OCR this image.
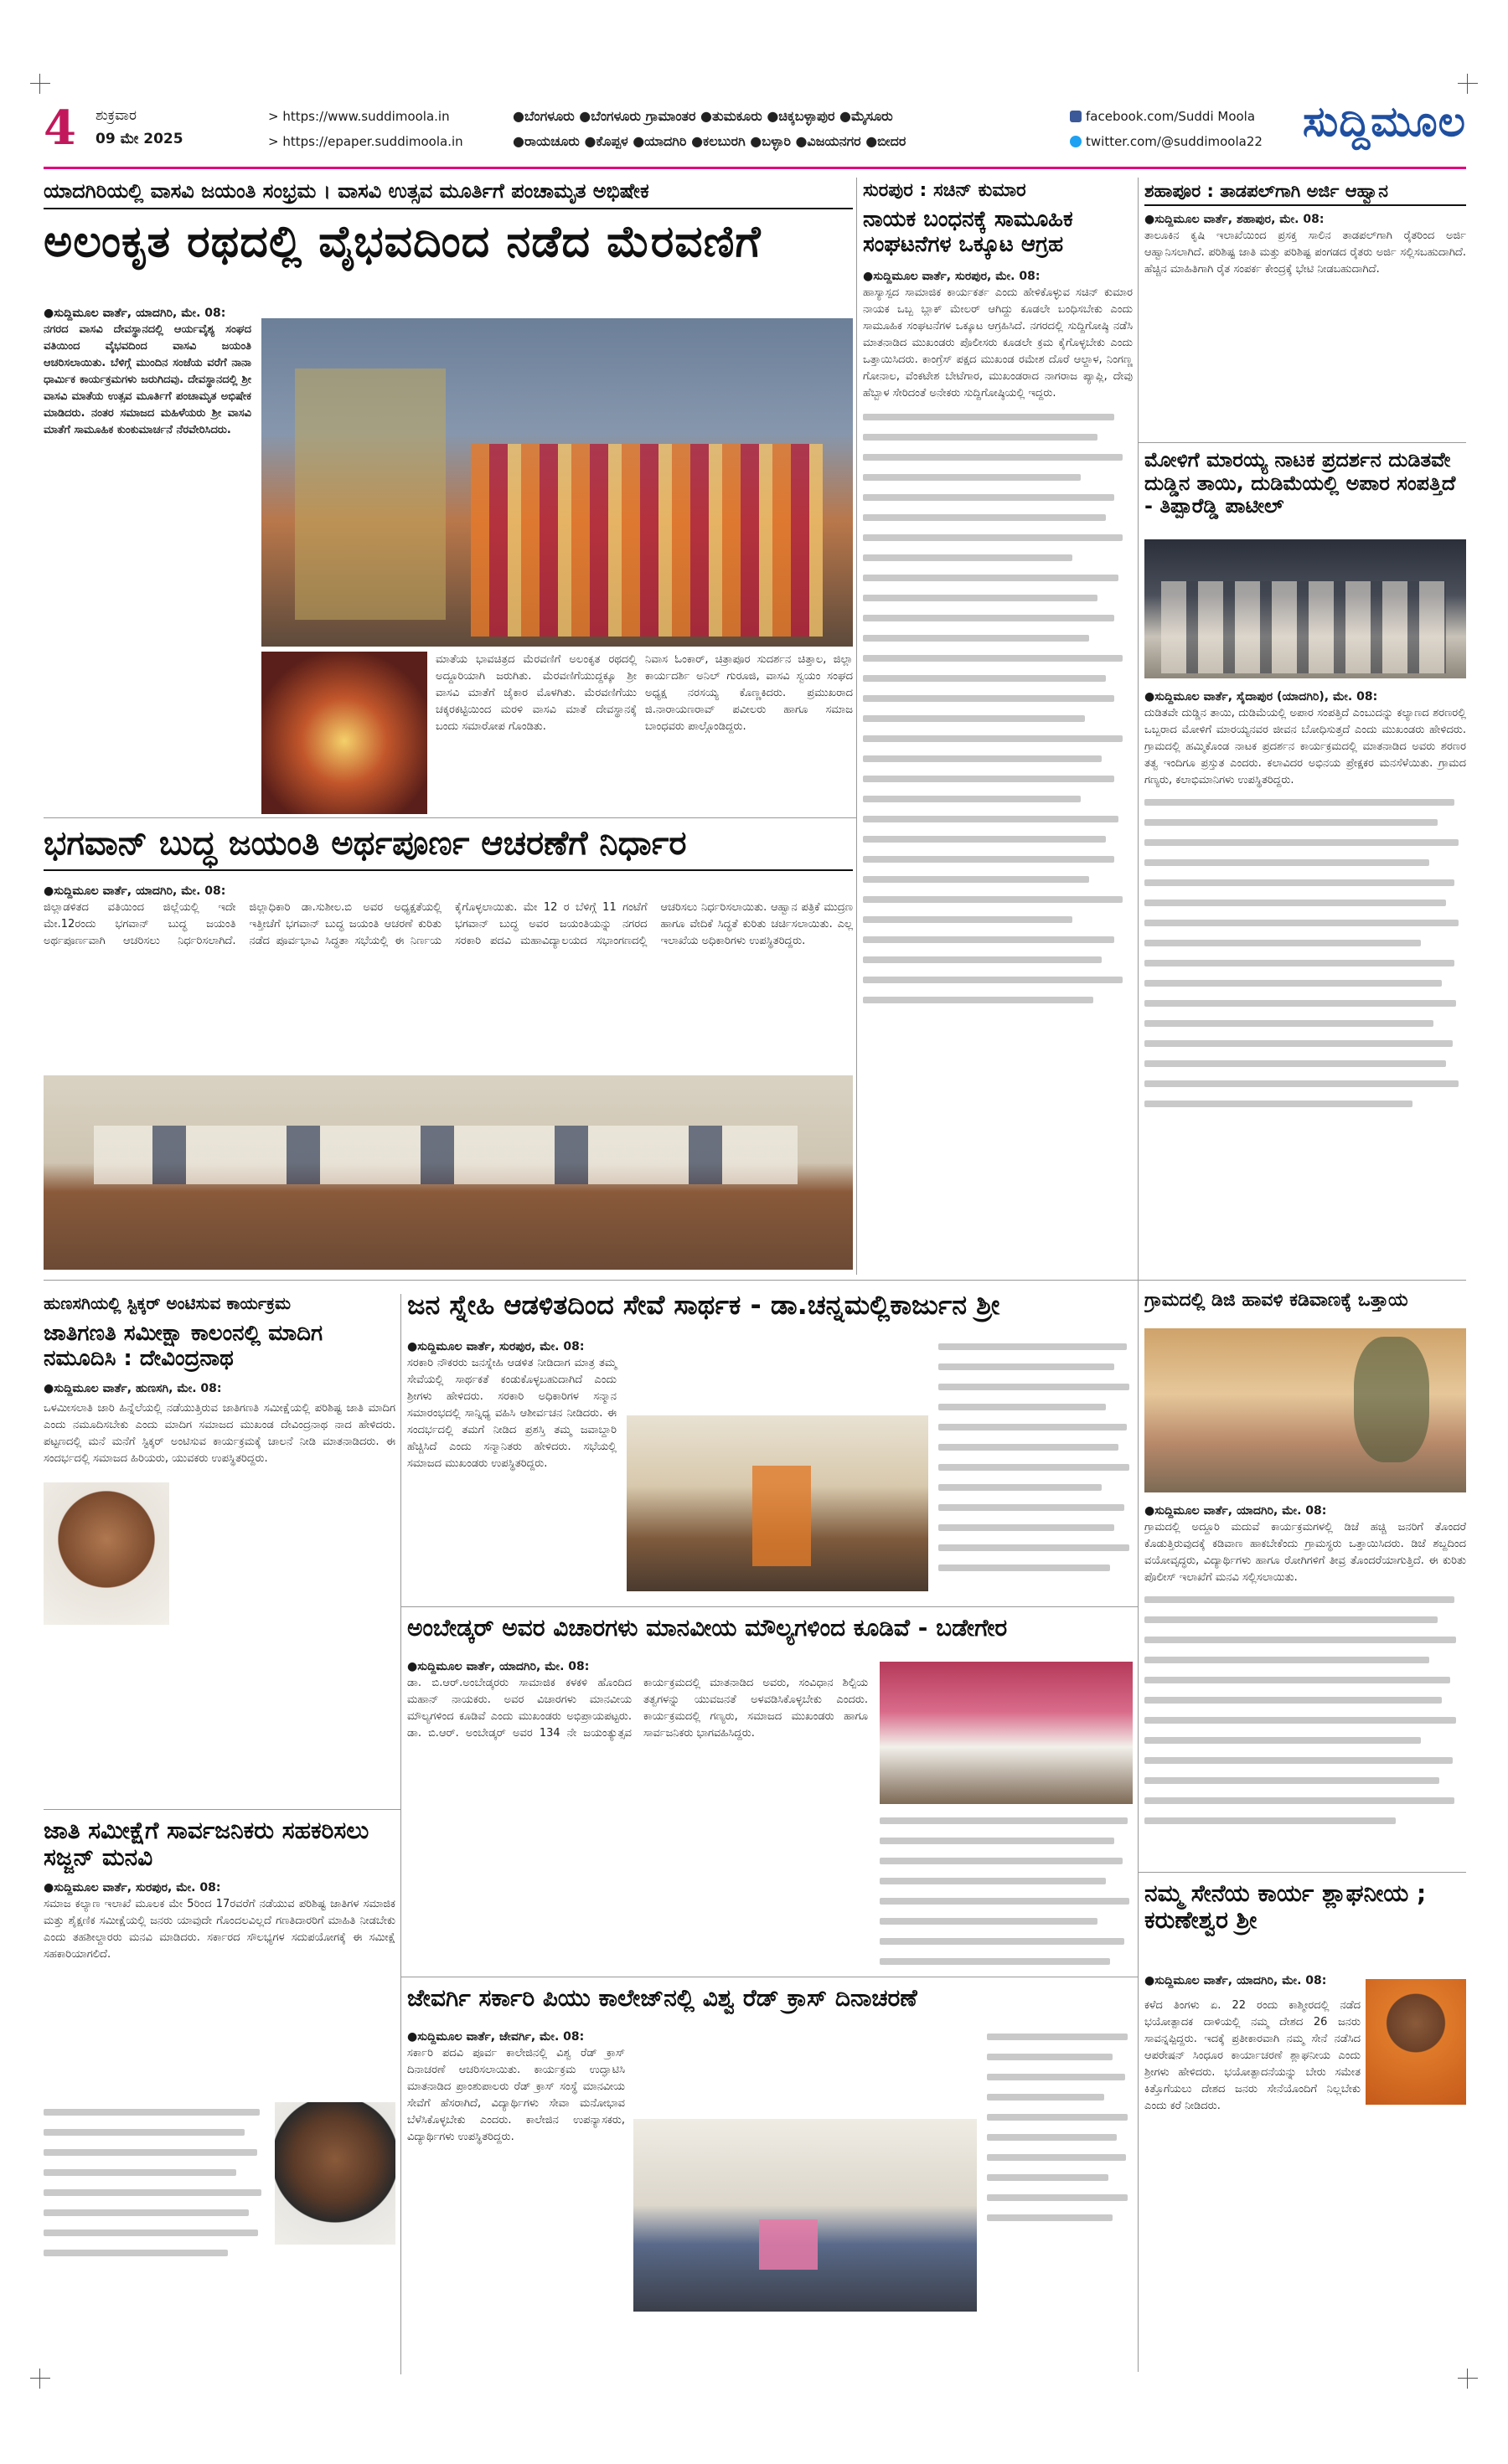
4 ಶುಕ್ರವಾರ
09 ಮೇ 2025
> https://www.suddimoola.in
> https://epaper.suddimoola.in
●ಬೆಂಗಳೂರು ●ಬೆಂಗಳೂರು ಗ್ರಾಮಾಂತರ ●ತುಮಕೂರು ●ಚಿಕ್ಕಬಳ್ಳಾಪುರ ●ಮೈಸೂರು
●ರಾಯಚೂರು ●ಕೊಪ್ಪಳ ●ಯಾದಗಿರಿ ●ಕಲಬುರಗಿ ●ಬಳ್ಳಾರಿ ●ವಿಜಯನಗರ ●ಬೀದರ
facebook.com/Suddi Moola
twitter.com/@suddimoola22 ಸುದ್ದಿಮೂಲ
ಯಾದಗಿರಿಯಲ್ಲಿ ವಾಸವಿ ಜಯಂತಿ ಸಂಭ್ರಮ । ವಾಸವಿ ಉತ್ಸವ ಮೂರ್ತಿಗೆ ಪಂಚಾಮೃತ ಅಭಿಷೇಕ
ಅಲಂಕೃತ ರಥದಲ್ಲಿ ವೈಭವದಿಂದ ನಡೆದ ಮೆರವಣಿಗೆ
●ಸುದ್ದಿಮೂಲ ವಾರ್ತೆ, ಯಾದಗಿರಿ, ಮೇ. 08:
ನಗರದ ವಾಸವಿ ದೇವಸ್ಥಾನದಲ್ಲಿ ಆರ್ಯವೈಶ್ಯ ಸಂಘದ ವತಿಯಿಂದ ವೈಭವದಿಂದ ವಾಸವಿ ಜಯಂತಿ ಆಚರಿಸಲಾಯಿತು. ಬೆಳಿಗ್ಗೆ ಮುಂದಿನ ಸಂಜೆಯ ವರೆಗೆ ನಾನಾ ಧಾರ್ಮಿಕ ಕಾರ್ಯಕ್ರಮಗಳು ಜರುಗಿದವು. ದೇವಸ್ಥಾನದಲ್ಲಿ ಶ್ರೀ ವಾಸವಿ ಮಾತೆಯ ಉತ್ಸವ ಮೂರ್ತಿಗೆ ಪಂಚಾಮೃತ ಅಭಿಷೇಕ ಮಾಡಿದರು. ನಂತರ ಸಮಾಜದ ಮಹಿಳೆಯರು ಶ್ರೀ ವಾಸವಿ ಮಾತೆಗೆ ಸಾಮೂಹಿಕ ಕುಂಕುಮಾರ್ಚನೆ ನೆರವೇರಿಸಿದರು.
ಮಾತೆಯ ಭಾವಚಿತ್ರದ ಮೆರವಣಿಗೆ ಅಲಂಕೃತ ರಥದಲ್ಲಿ ಅದ್ದೂರಿಯಾಗಿ ಜರುಗಿತು. ಮೆರವಣಿಗೆಯುದ್ದಕ್ಕೂ ಶ್ರೀ ವಾಸವಿ ಮಾತೆಗೆ ಜೈಕಾರ ಮೊಳಗಿತು. ಮೆರವಣಿಗೆಯು ಚಕ್ಕರಕಟ್ಟಿಯಿಂದ ಮರಳಿ ವಾಸವಿ ಮಾತೆ ದೇವಸ್ಥಾನಕ್ಕೆ ಬಂದು ಸಮಾರೋಪ ಗೊಂಡಿತು.
ನಿವಾಸ ಓಂಕಾರ್, ಚಿತ್ರಾಪೂರ ಸುದರ್ಶನ ಚಿತ್ತಾಲ, ಜಿಲ್ಲಾ ಕಾರ್ಯದರ್ಶಿ ಅನಿಲ್ ಗುರೂಜಿ, ವಾಸವಿ ಸ್ವಯಂ ಸಂಘದ ಅಧ್ಯಕ್ಷ ನರಸಯ್ಯ ಕೊಣ್ಣಕಿದರು. ಪ್ರಮುಖರಾದ ಜಿ.ನಾರಾಯಣರಾವ್ ಪವೀಲರು ಹಾಗೂ ಸಮಾಜ ಬಾಂಧವರು ಪಾಲ್ಗೊಂಡಿದ್ದರು.
ಸುರಪುರ : ಸಚಿನ್ ಕುಮಾರ
ನಾಯಕ ಬಂಧನಕ್ಕೆ ಸಾಮೂಹಿಕ ಸಂಘಟನೆಗಳ ಒಕ್ಕೂಟ ಆಗ್ರಹ
●ಸುದ್ದಿಮೂಲ ವಾರ್ತೆ, ಸುರಪುರ, ಮೇ. 08:
ಹಾಸ್ಯಾಸ್ಪದ ಸಾಮಾಜಿಕ ಕಾರ್ಯಕರ್ತ ಎಂದು ಹೇಳಿಕೊಳ್ಳುವ ಸಚಿನ್ ಕುಮಾರ ನಾಯಕ ಒಬ್ಬ ಬ್ಲಾಕ್ ಮೇಲರ್ ಆಗಿದ್ದು ಕೂಡಲೇ ಬಂಧಿಸಬೇಕು ಎಂದು ಸಾಮೂಹಿಕ ಸಂಘಟನೆಗಳ ಒಕ್ಕೂಟ ಆಗ್ರಹಿಸಿದೆ. ನಗರದಲ್ಲಿ ಸುದ್ದಿಗೋಷ್ಠಿ ನಡೆಸಿ ಮಾತನಾಡಿದ ಮುಖಂಡರು ಪೊಲೀಸರು ಕೂಡಲೇ ಕ್ರಮ ಕೈಗೊಳ್ಳಬೇಕು ಎಂದು ಒತ್ತಾಯಿಸಿದರು. ಕಾಂಗ್ರೆಸ್ ಪಕ್ಷದ ಮುಖಂಡ ರಮೇಶ ದೊರೆ ಆಲ್ದಾಳ, ನಿಂಗಣ್ಣ ಗೋನಾಲ, ವೆಂಕಟೇಶ ಬೇಟೆಗಾರ, ಮುಖಂಡರಾದ ನಾಗರಾಜ ಪ್ಯಾಪ್ಲಿ, ದೇವು ಹೆಬ್ಬಾಳ ಸೇರಿದಂತೆ ಅನೇಕರು ಸುದ್ದಿಗೋಷ್ಠಿಯಲ್ಲಿ ಇದ್ದರು.
ಶಹಾಪೂರ : ತಾಡಪಲ್‌ಗಾಗಿ ಅರ್ಜಿ ಆಹ್ವಾನ
●ಸುದ್ದಿಮೂಲ ವಾರ್ತೆ, ಶಹಾಪುರ, ಮೇ. 08:
ತಾಲೂಕಿನ ಕೃಷಿ ಇಲಾಖೆಯಿಂದ ಪ್ರಸಕ್ತ ಸಾಲಿನ ತಾಡಪಲ್‌ಗಾಗಿ ರೈತರಿಂದ ಅರ್ಜಿ ಆಹ್ವಾನಿಸಲಾಗಿದೆ. ಪರಿಶಿಷ್ಟ ಜಾತಿ ಮತ್ತು ಪರಿಶಿಷ್ಟ ಪಂಗಡದ ರೈತರು ಅರ್ಜಿ ಸಲ್ಲಿಸಬಹುದಾಗಿದೆ. ಹೆಚ್ಚಿನ ಮಾಹಿತಿಗಾಗಿ ರೈತ ಸಂಪರ್ಕ ಕೇಂದ್ರಕ್ಕೆ ಭೇಟಿ ನೀಡಬಹುದಾಗಿದೆ.
ಮೋಳಿಗೆ ಮಾರಯ್ಯ ನಾಟಕ ಪ್ರದರ್ಶನ ದುಡಿತವೇ ದುಡ್ಡಿನ ತಾಯಿ, ದುಡಿಮೆಯಲ್ಲಿ ಅಪಾರ ಸಂಪತ್ತಿದೆ - ತಿಪ್ಪಾರೆಡ್ಡಿ ಪಾಟೀಲ್
●ಸುದ್ದಿಮೂಲ ವಾರ್ತೆ, ಸೈದಾಪುರ (ಯಾದಗಿರಿ), ಮೇ. 08:
ದುಡಿತವೇ ದುಡ್ಡಿನ ತಾಯಿ, ದುಡಿಮೆಯಲ್ಲಿ ಅಪಾರ ಸಂಪತ್ತಿದೆ ಎಂಬುದನ್ನು ಕಲ್ಯಾಣದ ಶರಣರಲ್ಲಿ ಒಬ್ಬರಾದ ಮೋಳಿಗೆ ಮಾರಯ್ಯನವರ ಜೀವನ ಬೋಧಿಸುತ್ತದೆ ಎಂದು ಮುಖಂಡರು ಹೇಳಿದರು. ಗ್ರಾಮದಲ್ಲಿ ಹಮ್ಮಿಕೊಂಡ ನಾಟಕ ಪ್ರದರ್ಶನ ಕಾರ್ಯಕ್ರಮದಲ್ಲಿ ಮಾತನಾಡಿದ ಅವರು ಶರಣರ ತತ್ವ ಇಂದಿಗೂ ಪ್ರಸ್ತುತ ಎಂದರು. ಕಲಾವಿದರ ಅಭಿನಯ ಪ್ರೇಕ್ಷಕರ ಮನಸೆಳೆಯಿತು. ಗ್ರಾಮದ ಗಣ್ಯರು, ಕಲಾಭಿಮಾನಿಗಳು ಉಪಸ್ಥಿತರಿದ್ದರು.
ಭಗವಾನ್ ಬುದ್ಧ ಜಯಂತಿ ಅರ್ಥಪೂರ್ಣ ಆಚರಣೆಗೆ ನಿರ್ಧಾರ
●ಸುದ್ದಿಮೂಲ ವಾರ್ತೆ, ಯಾದಗಿರಿ, ಮೇ. 08:
ಜಿಲ್ಲಾಡಳಿತದ ವತಿಯಿಂದ ಜಿಲ್ಲೆಯಲ್ಲಿ ಇದೇ ಮೇ.12ರಂದು ಭಗವಾನ್ ಬುದ್ಧ ಜಯಂತಿ ಅರ್ಥಪೂರ್ಣವಾಗಿ ಆಚರಿಸಲು ನಿರ್ಧರಿಸಲಾಗಿದೆ. ಜಿಲ್ಲಾಧಿಕಾರಿ ಡಾ.ಸುಶೀಲ.ಬಿ ಅವರ ಅಧ್ಯಕ್ಷತೆಯಲ್ಲಿ ಇತ್ತೀಚೆಗೆ ಭಗವಾನ್ ಬುದ್ಧ ಜಯಂತಿ ಆಚರಣೆ ಕುರಿತು ನಡೆದ ಪೂರ್ವಭಾವಿ ಸಿದ್ಧತಾ ಸಭೆಯಲ್ಲಿ ಈ ನಿರ್ಣಯ ಕೈಗೊಳ್ಳಲಾಯಿತು. ಮೇ 12 ರ ಬೆಳಿಗ್ಗೆ 11 ಗಂಟೆಗೆ ಭಗವಾನ್ ಬುದ್ಧ ಅವರ ಜಯಂತಿಯನ್ನು ನಗರದ ಸರಕಾರಿ ಪದವಿ ಮಹಾವಿದ್ಯಾಲಯದ ಸಭಾಂಗಣದಲ್ಲಿ ಆಚರಿಸಲು ನಿರ್ಧರಿಸಲಾಯಿತು. ಆಹ್ವಾನ ಪತ್ರಿಕೆ ಮುದ್ರಣ ಹಾಗೂ ವೇದಿಕೆ ಸಿದ್ಧತೆ ಕುರಿತು ಚರ್ಚಿಸಲಾಯಿತು. ಎಲ್ಲ ಇಲಾಖೆಯ ಅಧಿಕಾರಿಗಳು ಉಪಸ್ಥಿತರಿದ್ದರು.
ಹುಣಸಗಿಯಲ್ಲಿ ಸ್ಟಿಕ್ಕರ್ ಅಂಟಿಸುವ ಕಾರ್ಯಕ್ರಮ
ಜಾತಿಗಣತಿ ಸಮೀಕ್ಷಾ ಕಾಲಂನಲ್ಲಿ ಮಾದಿಗ ನಮೂದಿಸಿ : ದೇವಿಂದ್ರನಾಥ
●ಸುದ್ದಿಮೂಲ ವಾರ್ತೆ, ಹುಣಸಗಿ, ಮೇ. 08:
ಒಳಮೀಸಲಾತಿ ಜಾರಿ ಹಿನ್ನೆಲೆಯಲ್ಲಿ ನಡೆಯುತ್ತಿರುವ ಜಾತಿಗಣತಿ ಸಮೀಕ್ಷೆಯಲ್ಲಿ ಪರಿಶಿಷ್ಟ ಜಾತಿ ಮಾದಿಗ ಎಂದು ನಮೂದಿಸಬೇಕು ಎಂದು ಮಾದಿಗ ಸಮಾಜದ ಮುಖಂಡ ದೇವಿಂದ್ರನಾಥ ನಾದ ಹೇಳಿದರು. ಪಟ್ಟಣದಲ್ಲಿ ಮನೆ ಮನೆಗೆ ಸ್ಟಿಕ್ಕರ್ ಅಂಟಿಸುವ ಕಾರ್ಯಕ್ರಮಕ್ಕೆ ಚಾಲನೆ ನೀಡಿ ಮಾತನಾಡಿದರು. ಈ ಸಂದರ್ಭದಲ್ಲಿ ಸಮಾಜದ ಹಿರಿಯರು, ಯುವಕರು ಉಪಸ್ಥಿತರಿದ್ದರು.
ಜನ ಸ್ನೇಹಿ ಆಡಳಿತದಿಂದ ಸೇವೆ ಸಾರ್ಥಕ - ಡಾ.ಚನ್ನಮಲ್ಲಿಕಾರ್ಜುನ ಶ್ರೀ
●ಸುದ್ದಿಮೂಲ ವಾರ್ತೆ, ಸುರಪುರ, ಮೇ. 08:
ಸರಕಾರಿ ನೌಕರರು ಜನಸ್ನೇಹಿ ಆಡಳಿತ ನೀಡಿದಾಗ ಮಾತ್ರ ತಮ್ಮ ಸೇವೆಯಲ್ಲಿ ಸಾರ್ಥಕತೆ ಕಂಡುಕೊಳ್ಳಬಹುದಾಗಿದೆ ಎಂದು ಶ್ರೀಗಳು ಹೇಳಿದರು. ಸರಕಾರಿ ಅಧಿಕಾರಿಗಳ ಸನ್ಮಾನ ಸಮಾರಂಭದಲ್ಲಿ ಸಾನ್ನಿಧ್ಯ ವಹಿಸಿ ಆಶೀರ್ವಚನ ನೀಡಿದರು. ಈ ಸಂದರ್ಭದಲ್ಲಿ ತಮಗೆ ನೀಡಿದ ಪ್ರಶಸ್ತಿ ತಮ್ಮ ಜವಾಬ್ದಾರಿ ಹೆಚ್ಚಿಸಿದೆ ಎಂದು ಸನ್ಮಾನಿತರು ಹೇಳಿದರು. ಸಭೆಯಲ್ಲಿ ಸಮಾಜದ ಮುಖಂಡರು ಉಪಸ್ಥಿತರಿದ್ದರು.
ಅಂಬೇಡ್ಕರ್ ಅವರ ವಿಚಾರಗಳು ಮಾನವೀಯ ಮೌಲ್ಯಗಳಿಂದ ಕೂಡಿವೆ - ಬಡೇಗೇರ
●ಸುದ್ದಿಮೂಲ ವಾರ್ತೆ, ಯಾದಗಿರಿ, ಮೇ. 08:
ಡಾ. ಬಿ.ಆರ್.ಅಂಬೇಡ್ಕರರು ಸಾಮಾಜಿಕ ಕಳಕಳಿ ಹೊಂದಿದ ಮಹಾನ್ ನಾಯಕರು. ಅವರ ವಿಚಾರಗಳು ಮಾನವೀಯ ಮೌಲ್ಯಗಳಿಂದ ಕೂಡಿವೆ ಎಂದು ಮುಖಂಡರು ಅಭಿಪ್ರಾಯಪಟ್ಟರು. ಡಾ. ಬಿ.ಆರ್. ಅಂಬೇಡ್ಕರ್ ಅವರ 134 ನೇ ಜಯಂತ್ಯುತ್ಸವ ಕಾರ್ಯಕ್ರಮದಲ್ಲಿ ಮಾತನಾಡಿದ ಅವರು, ಸಂವಿಧಾನ ಶಿಲ್ಪಿಯ ತತ್ವಗಳನ್ನು ಯುವಜನತೆ ಅಳವಡಿಸಿಕೊಳ್ಳಬೇಕು ಎಂದರು. ಕಾರ್ಯಕ್ರಮದಲ್ಲಿ ಗಣ್ಯರು, ಸಮಾಜದ ಮುಖಂಡರು ಹಾಗೂ ಸಾರ್ವಜನಿಕರು ಭಾಗವಹಿಸಿದ್ದರು.
ಗ್ರಾಮದಲ್ಲಿ ಡಿಜಿ ಹಾವಳಿ ಕಡಿವಾಣಕ್ಕೆ ಒತ್ತಾಯ
●ಸುದ್ದಿಮೂಲ ವಾರ್ತೆ, ಯಾದಗಿರಿ, ಮೇ. 08:
ಗ್ರಾಮದಲ್ಲಿ ಅದ್ದೂರಿ ಮದುವೆ ಕಾರ್ಯಕ್ರಮಗಳಲ್ಲಿ ಡಿಜೆ ಹಚ್ಚಿ ಜನರಿಗೆ ತೊಂದರೆ ಕೊಡುತ್ತಿರುವುದಕ್ಕೆ ಕಡಿವಾಣ ಹಾಕಬೇಕೆಂದು ಗ್ರಾಮಸ್ಥರು ಒತ್ತಾಯಿಸಿದರು. ಡಿಜೆ ಶಬ್ದದಿಂದ ವಯೋವೃದ್ಧರು, ವಿದ್ಯಾರ್ಥಿಗಳು ಹಾಗೂ ರೋಗಿಗಳಿಗೆ ತೀವ್ರ ತೊಂದರೆಯಾಗುತ್ತಿದೆ. ಈ ಕುರಿತು ಪೊಲೀಸ್ ಇಲಾಖೆಗೆ ಮನವಿ ಸಲ್ಲಿಸಲಾಯಿತು.
ಜಾತಿ ಸಮೀಕ್ಷೆಗೆ ಸಾರ್ವಜನಿಕರು ಸಹಕರಿಸಲು ಸಜ್ಜನ್ ಮನವಿ
●ಸುದ್ದಿಮೂಲ ವಾರ್ತೆ, ಸುರಪುರ, ಮೇ. 08:
ಸಮಾಜ ಕಲ್ಯಾಣ ಇಲಾಖೆ ಮೂಲಕ ಮೇ 5ರಿಂದ 17ರವರೆಗೆ ನಡೆಯುವ ಪರಿಶಿಷ್ಟ ಜಾತಿಗಳ ಸಮಾಜಿಕ ಮತ್ತು ಶೈಕ್ಷಣಿಕ ಸಮೀಕ್ಷೆಯಲ್ಲಿ ಜನರು ಯಾವುದೇ ಗೊಂದಲವಿಲ್ಲದೆ ಗಣತಿದಾರರಿಗೆ ಮಾಹಿತಿ ನೀಡಬೇಕು ಎಂದು ತಹಶೀಲ್ದಾರರು ಮನವಿ ಮಾಡಿದರು. ಸರ್ಕಾರದ ಸೌಲಭ್ಯಗಳ ಸದುಪಯೋಗಕ್ಕೆ ಈ ಸಮೀಕ್ಷೆ ಸಹಕಾರಿಯಾಗಲಿದೆ.
ಜೇವರ್ಗಿ ಸರ್ಕಾರಿ ಪಿಯು ಕಾಲೇಜ್‌ನಲ್ಲಿ ವಿಶ್ವ ರೆಡ್ ಕ್ರಾಸ್ ದಿನಾಚರಣೆ
●ಸುದ್ದಿಮೂಲ ವಾರ್ತೆ, ಜೇವರ್ಗಿ, ಮೇ. 08:
ಸರ್ಕಾರಿ ಪದವಿ ಪೂರ್ವ ಕಾಲೇಜಿನಲ್ಲಿ ವಿಶ್ವ ರೆಡ್ ಕ್ರಾಸ್ ದಿನಾಚರಣೆ ಆಚರಿಸಲಾಯಿತು. ಕಾರ್ಯಕ್ರಮ ಉದ್ಘಾಟಿಸಿ ಮಾತನಾಡಿದ ಪ್ರಾಂಶುಪಾಲರು ರೆಡ್ ಕ್ರಾಸ್ ಸಂಸ್ಥೆ ಮಾನವೀಯ ಸೇವೆಗೆ ಹೆಸರಾಗಿದೆ, ವಿದ್ಯಾರ್ಥಿಗಳು ಸೇವಾ ಮನೋಭಾವ ಬೆಳೆಸಿಕೊಳ್ಳಬೇಕು ಎಂದರು. ಕಾಲೇಜಿನ ಉಪನ್ಯಾಸಕರು, ವಿದ್ಯಾರ್ಥಿಗಳು ಉಪಸ್ಥಿತರಿದ್ದರು.
ನಮ್ಮ ಸೇನೆಯ ಕಾರ್ಯ ಶ್ಲಾಘನೀಯ ; ಕರುಣೇಶ್ವರ ಶ್ರೀ
●ಸುದ್ದಿಮೂಲ ವಾರ್ತೆ, ಯಾದಗಿರಿ, ಮೇ. 08:
ಕಳೆದ ತಿಂಗಳು ಏ. 22 ರಂದು ಕಾಶ್ಮೀರದಲ್ಲಿ ನಡೆದ ಭಯೋತ್ಪಾದಕ ದಾಳಿಯಲ್ಲಿ ನಮ್ಮ ದೇಶದ 26 ಜನರು ಸಾವನ್ನಪ್ಪಿದ್ದರು. ಇದಕ್ಕೆ ಪ್ರತೀಕಾರವಾಗಿ ನಮ್ಮ ಸೇನೆ ನಡೆಸಿದ ಆಪರೇಷನ್ ಸಿಂಧೂರ ಕಾರ್ಯಾಚರಣೆ ಶ್ಲಾಘನೀಯ ಎಂದು ಶ್ರೀಗಳು ಹೇಳಿದರು. ಭಯೋತ್ಪಾದನೆಯನ್ನು ಬೇರು ಸಮೇತ ಕಿತ್ತೊಗೆಯಲು ದೇಶದ ಜನರು ಸೇನೆಯೊಂದಿಗೆ ನಿಲ್ಲಬೇಕು ಎಂದು ಕರೆ ನೀಡಿದರು.
